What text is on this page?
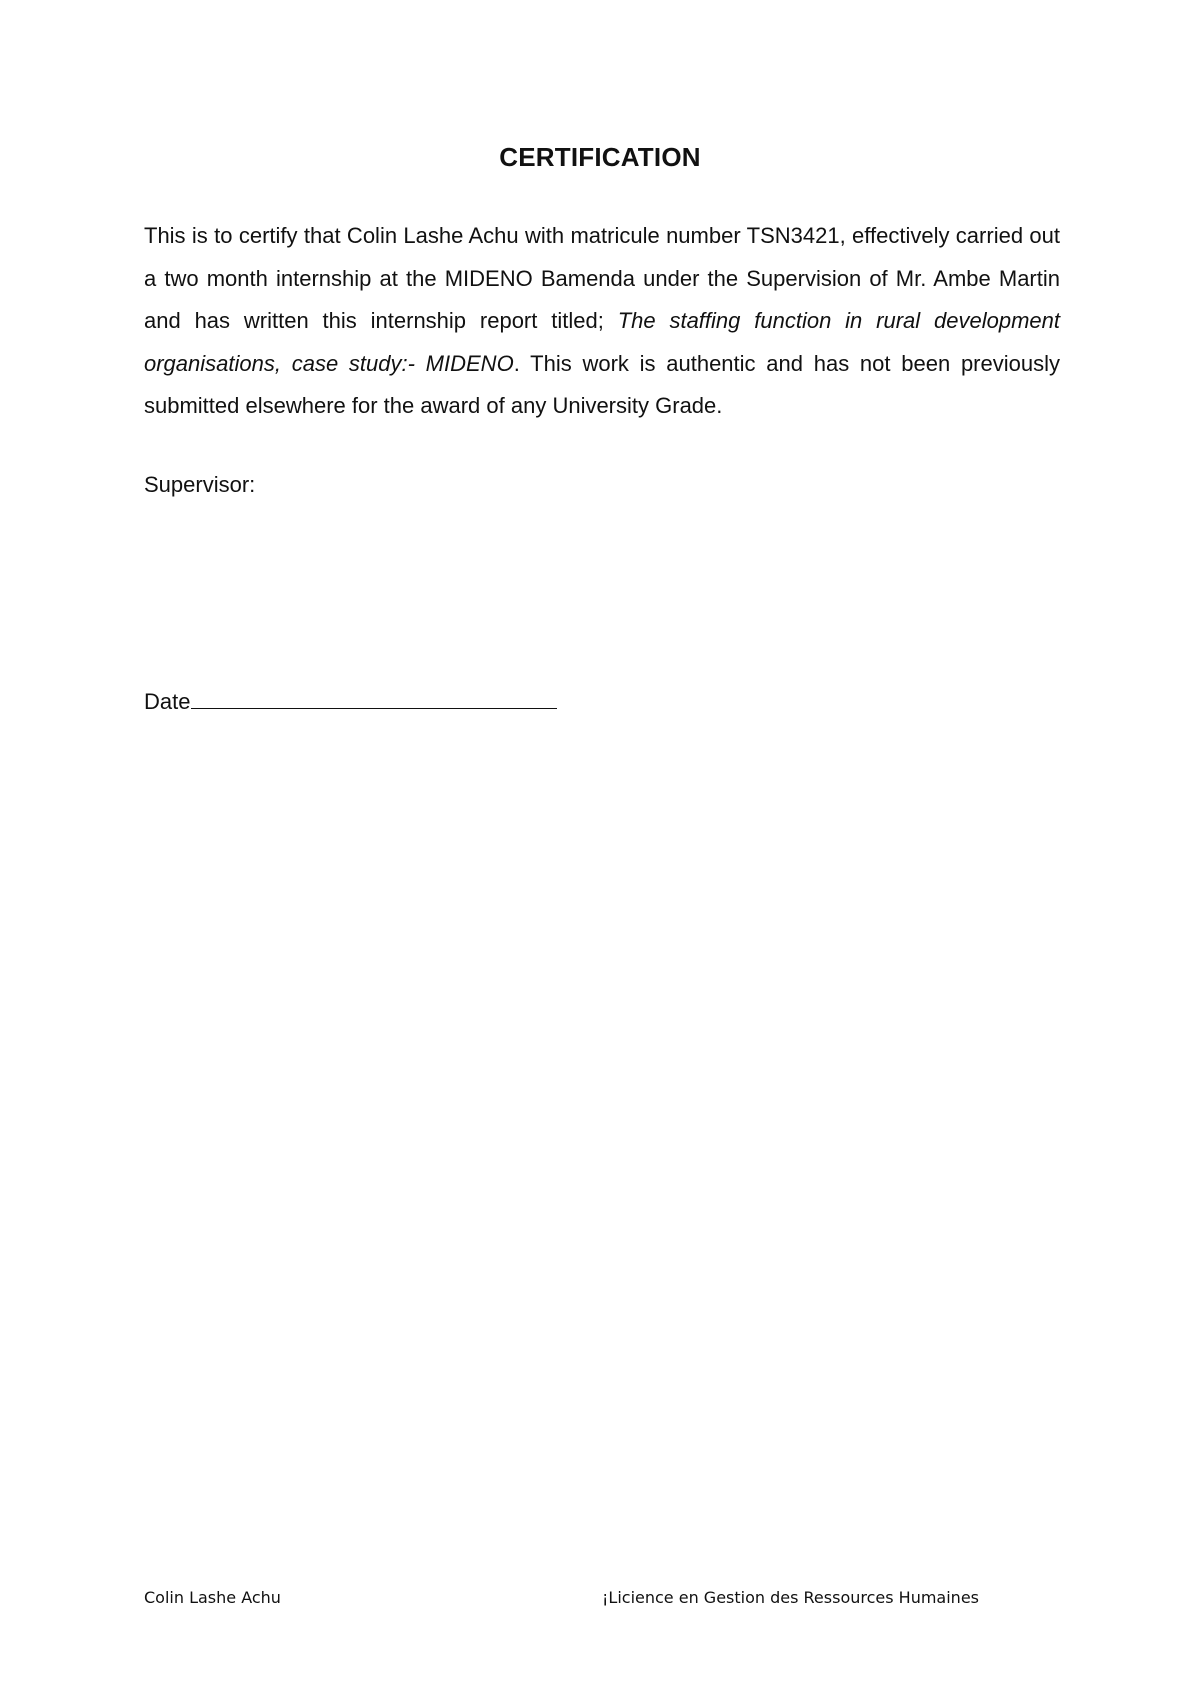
CERTIFICATION
This is to certify that Colin Lashe Achu with matricule number TSN3421, effectively carried out a two month internship at the MIDENO Bamenda under the Supervision of Mr. Ambe Martin and has written this internship report titled; The staffing function in rural development organisations, case study:- MIDENO. This work is authentic and has not been previously submitted elsewhere for the award of any University Grade.
Supervisor:
Date
Colin Lashe Achu	¡Licience en Gestion des Ressources Humaines
